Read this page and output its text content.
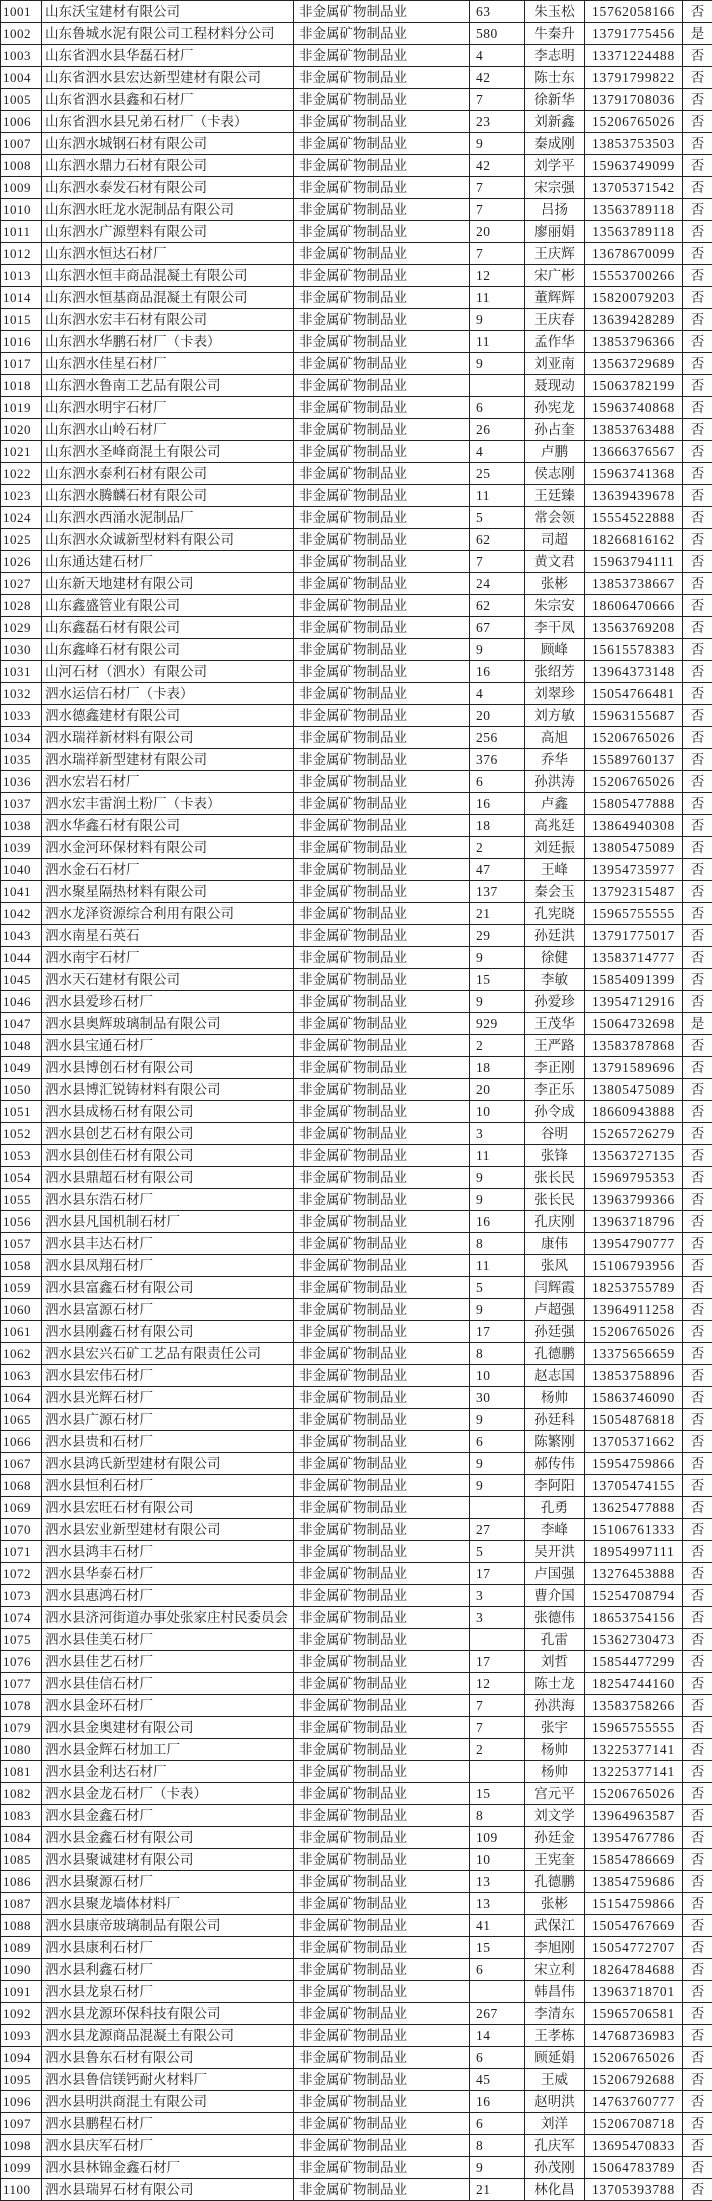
1001	山东沃宝建材有限公司	非金属矿物制品业	63	朱玉松	15762058166	否
1002	山东鲁城水泥有限公司工程材料分公司	非金属矿物制品业	580	牛秦升	13791775456	是
1003	山东省泗水县华磊石材厂	非金属矿物制品业	4	李志明	13371224488	否
1004	山东省泗水县宏达新型建材有限公司	非金属矿物制品业	42	陈士东	13791799822	否
1005	山东省泗水县鑫和石材厂	非金属矿物制品业	7	徐新华	13791708036	否
1006	山东省泗水县兄弟石材厂（卡表）	非金属矿物制品业	23	刘新鑫	15206765026	否
1007	山东泗水城钢石材有限公司	非金属矿物制品业	9	秦成刚	13853753503	否
1008	山东泗水鼎力石材有限公司	非金属矿物制品业	42	刘学平	15963749099	否
1009	山东泗水泰发石材有限公司	非金属矿物制品业	7	宋宗强	13705371542	否
1010	山东泗水旺龙水泥制品有限公司	非金属矿物制品业	7	吕扬	13563789118	否
1011	山东泗水广源塑料有限公司	非金属矿物制品业	20	廖丽娟	13563789118	否
1012	山东泗水恒达石材厂	非金属矿物制品业	7	王庆辉	13678670099	否
1013	山东泗水恒丰商品混凝土有限公司	非金属矿物制品业	12	宋广彬	15553700266	否
1014	山东泗水恒基商品混凝土有限公司	非金属矿物制品业	11	董辉辉	15820079203	否
1015	山东泗水宏丰石材有限公司	非金属矿物制品业	9	王庆春	13639428289	否
1016	山东泗水华鹏石材厂（卡表）	非金属矿物制品业	11	孟作华	13853796366	否
1017	山东泗水佳星石材厂	非金属矿物制品业	9	刘亚南	13563729689	否
1018	山东泗水鲁南工艺品有限公司	非金属矿物制品业		聂现动	15063782199	否
1019	山东泗水明宇石材厂	非金属矿物制品业	6	孙宪龙	15963740868	否
1020	山东泗水山岭石材厂	非金属矿物制品业	26	孙占奎	13853763488	否
1021	山东泗水圣峰商混土有限公司	非金属矿物制品业	4	卢鹏	13666376567	否
1022	山东泗水泰利石材有限公司	非金属矿物制品业	25	侯志刚	15963741368	否
1023	山东泗水腾麟石材有限公司	非金属矿物制品业	11	王廷臻	13639439678	否
1024	山东泗水西涌水泥制品厂	非金属矿物制品业	5	常会领	15554522888	否
1025	山东泗水众诚新型材料有限公司	非金属矿物制品业	62	司超	18266816162	否
1026	山东通达建石材厂	非金属矿物制品业	7	黄文君	15963794111	否
1027	山东新天地建材有限公司	非金属矿物制品业	24	张彬	13853738667	否
1028	山东鑫盛管业有限公司	非金属矿物制品业	62	朱宗安	18606470666	否
1029	山东鑫磊石材有限公司	非金属矿物制品业	67	李干凤	13563769208	否
1030	山东鑫峰石材有限公司	非金属矿物制品业	9	顾峰	15615578383	否
1031	山河石材（泗水）有限公司	非金属矿物制品业	16	张绍芳	13964373148	否
1032	泗水运信石材厂（卡表）	非金属矿物制品业	4	刘翠珍	15054766481	否
1033	泗水德鑫建材有限公司	非金属矿物制品业	20	刘方敏	15963155687	否
1034	泗水瑞祥新材料有限公司	非金属矿物制品业	256	高旭	15206765026	否
1035	泗水瑞祥新型建材有限公司	非金属矿物制品业	376	乔华	15589760137	否
1036	泗水宏岩石材厂	非金属矿物制品业	6	孙洪涛	15206765026	否
1037	泗水宏丰雷润土粉厂（卡表）	非金属矿物制品业	16	卢鑫	15805477888	否
1038	泗水华鑫石材有限公司	非金属矿物制品业	18	高兆廷	13864940308	否
1039	泗水金河环保材料有限公司	非金属矿物制品业	2	刘廷振	13805475089	否
1040	泗水金石石材厂	非金属矿物制品业	47	王峰	13954735977	否
1041	泗水聚星隔热材料有限公司	非金属矿物制品业	137	秦会玉	13792315487	否
1042	泗水龙泽资源综合利用有限公司	非金属矿物制品业	21	孔宪晓	15965755555	否
1043	泗水南星石英石	非金属矿物制品业	29	孙廷洪	13791775017	否
1044	泗水南宇石材厂	非金属矿物制品业	9	徐健	13583714777	否
1045	泗水天石建材有限公司	非金属矿物制品业	15	李敏	15854091399	否
1046	泗水县爱珍石材厂	非金属矿物制品业	9	孙爱珍	13954712916	否
1047	泗水县奥辉玻璃制品有限公司	非金属矿物制品业	929	王茂华	15064732698	是
1048	泗水县宝通石材厂	非金属矿物制品业	2	王严路	13583787868	否
1049	泗水县博创石材有限公司	非金属矿物制品业	18	李正刚	13791589696	否
1050	泗水县博汇锐铸材料有限公司	非金属矿物制品业	20	李正乐	13805475089	否
1051	泗水县成杨石材有限公司	非金属矿物制品业	10	孙令成	18660943888	否
1052	泗水县创艺石材有限公司	非金属矿物制品业	3	谷明	15265726279	否
1053	泗水县创佳石材有限公司	非金属矿物制品业	11	张锋	13563727135	否
1054	泗水县鼎超石材有限公司	非金属矿物制品业	9	张长民	15969795353	否
1055	泗水县东浩石材厂	非金属矿物制品业	9	张长民	13963799366	否
1056	泗水县凡国机制石材厂	非金属矿物制品业	16	孔庆刚	13963718796	否
1057	泗水县丰达石材厂	非金属矿物制品业	8	康伟	13954790777	否
1058	泗水县凤翔石材厂	非金属矿物制品业	11	张风	15106793956	否
1059	泗水县富鑫石材有限公司	非金属矿物制品业	5	闫辉霞	18253755789	否
1060	泗水县富源石材厂	非金属矿物制品业	9	卢超强	13964911258	否
1061	泗水县刚鑫石材有限公司	非金属矿物制品业	17	孙廷强	15206765026	否
1062	泗水县宏兴石矿工艺品有限责任公司	非金属矿物制品业	8	孔德鹏	13375656659	否
1063	泗水县宏伟石材厂	非金属矿物制品业	10	赵志国	13853758896	否
1064	泗水县光辉石材厂	非金属矿物制品业	30	杨帅	15863746090	否
1065	泗水县广源石材厂	非金属矿物制品业	9	孙廷科	15054876818	否
1066	泗水县贵和石材厂	非金属矿物制品业	6	陈繁刚	13705371662	否
1067	泗水县鸿氏新型建材有限公司	非金属矿物制品业	9	郝传伟	15954759866	否
1068	泗水县恒利石材厂	非金属矿物制品业	9	李阿阳	13705474155	否
1069	泗水县宏旺石材有限公司	非金属矿物制品业		孔勇	13625477888	否
1070	泗水县宏业新型建材有限公司	非金属矿物制品业	27	李峰	15106761333	否
1071	泗水县鸿丰石材厂	非金属矿物制品业	5	吴开洪	18954997111	否
1072	泗水县华泰石材厂	非金属矿物制品业	17	卢国强	13276453888	否
1073	泗水县惠鸿石材厂	非金属矿物制品业	3	曹介国	15254708794	否
1074	泗水县济河街道办事处张家庄村民委员会	非金属矿物制品业	3	张德伟	18653754156	否
1075	泗水县佳美石材厂	非金属矿物制品业		孔雷	15362730473	否
1076	泗水县佳艺石材厂	非金属矿物制品业	17	刘哲	15854477299	否
1077	泗水县佳信石材厂	非金属矿物制品业	12	陈士龙	18254744160	否
1078	泗水县金环石材厂	非金属矿物制品业	7	孙洪海	13583758266	否
1079	泗水县金奥建材有限公司	非金属矿物制品业	7	张宇	15965755555	否
1080	泗水县金辉石材加工厂	非金属矿物制品业	2	杨帅	13225377141	否
1081	泗水县金利达石材厂	非金属矿物制品业		杨帅	13225377141	否
1082	泗水县金龙石材厂（卡表）	非金属矿物制品业	15	宫元平	15206765026	否
1083	泗水县金鑫石材厂	非金属矿物制品业	8	刘文学	13964963587	否
1084	泗水县金鑫石材有限公司	非金属矿物制品业	109	孙廷金	13954767786	否
1085	泗水县聚诚建材有限公司	非金属矿物制品业	10	王宪奎	15854786669	否
1086	泗水县聚源石材厂	非金属矿物制品业	13	孔德鹏	13854759686	否
1087	泗水县聚龙墙体材料厂	非金属矿物制品业	13	张彬	15154759866	否
1088	泗水县康帝玻璃制品有限公司	非金属矿物制品业	41	武保江	15054767669	否
1089	泗水县康利石材厂	非金属矿物制品业	15	李旭刚	15054772707	否
1090	泗水县利鑫石材厂	非金属矿物制品业	6	宋立利	18264784688	否
1091	泗水县龙泉石材厂	非金属矿物制品业		韩昌伟	13963718701	否
1092	泗水县龙源环保科技有限公司	非金属矿物制品业	267	李清东	15965706581	否
1093	泗水县龙源商品混凝土有限公司	非金属矿物制品业	14	王孝栋	14768736983	否
1094	泗水县鲁东石材有限公司	非金属矿物制品业	6	顾延娟	15206765026	否
1095	泗水县鲁信镁钙耐火材料厂	非金属矿物制品业	45	王威	15206792688	否
1096	泗水县明洪商混土有限公司	非金属矿物制品业	16	赵明洪	14763760777	否
1097	泗水县鹏程石材厂	非金属矿物制品业	6	刘洋	15206708718	否
1098	泗水县庆军石材厂	非金属矿物制品业	8	孔庆军	13695470833	否
1099	泗水县林锦金鑫石材厂	非金属矿物制品业	9	孙茂刚	15064783789	否
1100	泗水县瑞昇石材有限公司	非金属矿物制品业	21	林化昌	13705393788	否
